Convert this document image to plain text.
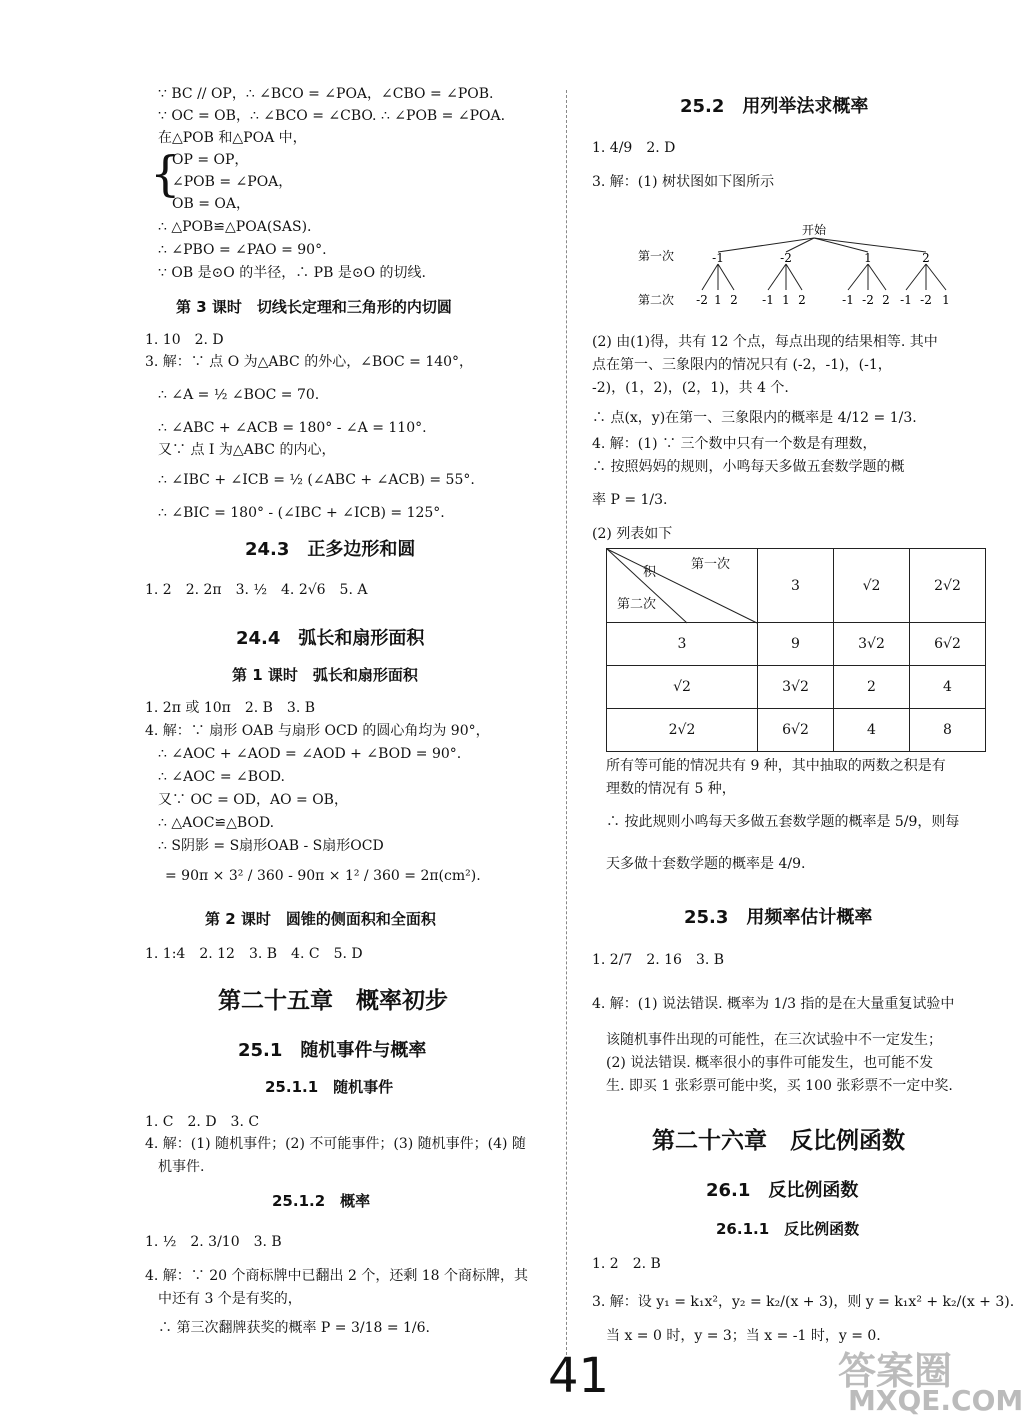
∵ BC // OP，∴ ∠BCO = ∠POA，∠CBO = ∠POB.
∵ OC = OB，∴ ∠BCO = ∠CBO. ∴ ∠POB = ∠POA.
在△POB 和△POA 中，
{
OP = OP，
∠POB = ∠POA，
OB = OA，
∴ △POB≌△POA(SAS).
∴ ∠PBO = ∠PAO = 90°.
∵ OB 是⊙O 的半径，∴ PB 是⊙O 的切线.
第 3 课时　切线长定理和三角形的内切圆
1. 10　2. D
3. 解：∵ 点 O 为△ABC 的外心，∠BOC = 140°，
∴ ∠A = ½ ∠BOC = 70.
∴ ∠ABC + ∠ACB = 180° - ∠A = 110°.
又∵ 点 I 为△ABC 的内心，
∴ ∠IBC + ∠ICB = ½ (∠ABC + ∠ACB) = 55°.
∴ ∠BIC = 180° - (∠IBC + ∠ICB) = 125°.
24.3　正多边形和圆
1. 2　2. 2π　3. ½　4. 2√6　5. A
24.4　弧长和扇形面积
第 1 课时　弧长和扇形面积
1. 2π 或 10π　2. B　3. B
4. 解：∵ 扇形 OAB 与扇形 OCD 的圆心角均为 90°，
∴ ∠AOC + ∠AOD = ∠AOD + ∠BOD = 90°.
∴ ∠AOC = ∠BOD.
又∵ OC = OD，AO = OB，
∴ △AOC≌△BOD.
∴ S阴影 = S扇形OAB - S扇形OCD
= 90π × 3² / 360 - 90π × 1² / 360 = 2π(cm²).
第 2 课时　圆锥的侧面积和全面积
1. 1:4　2. 12　3. B　4. C　5. D
第二十五章　概率初步
25.1　随机事件与概率
25.1.1　随机事件
1. C　2. D　3. C
4. 解：(1) 随机事件；(2) 不可能事件；(3) 随机事件；(4) 随
机事件.
25.1.2　概率
1. ½　2. 3/10　3. B
4. 解：∵ 20 个商标牌中已翻出 2 个，还剩 18 个商标牌，其
中还有 3 个是有奖的，
∴ 第三次翻牌获奖的概率 P = 3/18 = 1/6.
25.2　用列举法求概率
1. 4/9　2. D
3. 解：(1) 树状图如下图所示
开始
第一次
第二次
-1	-2	1	2
-2 1 2 -1 1 2	-1 -2 2 -1 -2 1
(2) 由(1)得，共有 12 个点，每点出现的结果相等. 其中
点在第一、三象限内的情况只有 (-2，-1)，(-1，
-2)，(1，2)，(2，1)，共 4 个.
∴ 点(x，y)在第一、三象限内的概率是 4/12 = 1/3.
4. 解：(1) ∵ 三个数中只有一个数是有理数，
∴ 按照妈妈的规则，小鸣每天多做五套数学题的概
率 P = 1/3.
(2) 列表如下
第一次
积
第二次	3	√2	2√2
3	9	3√2	6√2
√2	3√2	2	4
2√2	6√2	4	8
所有等可能的情况共有 9 种，其中抽取的两数之积是有
理数的情况有 5 种，
∴ 按此规则小鸣每天多做五套数学题的概率是 5/9，则每
天多做十套数学题的概率是 4/9.
25.3　用频率估计概率
1. 2/7　2. 16　3. B
4. 解：(1) 说法错误. 概率为 1/3 指的是在大量重复试验中
该随机事件出现的可能性，在三次试验中不一定发生；
(2) 说法错误. 概率很小的事件可能发生，也可能不发
生. 即买 1 张彩票可能中奖，买 100 张彩票不一定中奖.
第二十六章　反比例函数
26.1　反比例函数
26.1.1　反比例函数
1. 2　2. B
3. 解：设 y₁ = k₁x²，y₂ = k₂/(x + 3)，则 y = k₁x² + k₂/(x + 3).
当 x = 0 时，y = 3；当 x = -1 时，y = 0.
41	答案圈
MXQE.COM
